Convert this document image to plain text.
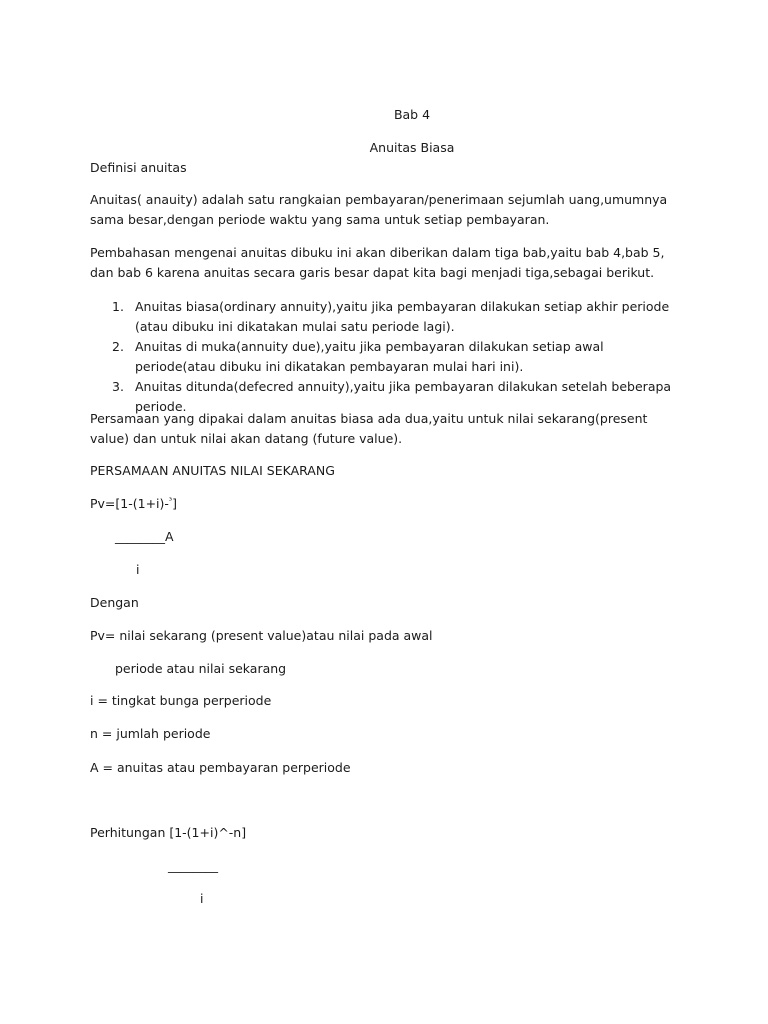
Bab 4

Anuitas Biasa

Definisi anuitas

Anuitas( anauity) adalah satu rangkaian pembayaran/penerimaan sejumlah uang,umumnya sama besar,dengan periode waktu yang sama untuk setiap pembayaran.

Pembahasan mengenai anuitas dibuku ini akan diberikan dalam tiga bab,yaitu bab 4,bab 5, dan bab 6 karena anuitas secara garis besar dapat kita bagi menjadi tiga,sebagai berikut.

1. Anuitas biasa(ordinary annuity),yaitu jika pembayaran dilakukan setiap akhir periode (atau dibuku ini dikatakan mulai satu periode lagi).
2. Anuitas di muka(annuity due),yaitu jika pembayaran dilakukan setiap awal periode(atau dibuku ini dikatakan pembayaran mulai hari ini).
3. Anuitas ditunda(defecred annuity),yaitu jika pembayaran dilakukan setelah beberapa periode.

Persamaan yang dipakai dalam anuitas biasa ada dua,yaitu untuk nilai sekarang(present value) dan untuk nilai akan datang (future value).

PERSAMAAN ANUITAS NILAI SEKARANG

Pv=[1-(1+i)-$^{^3}$]

________A

i

Dengan

Pv= nilai sekarang (present value)atau nilai pada awal

periode atau nilai sekarang

i = tingkat bunga perperiode

n = jumlah periode

A = anuitas atau pembayaran perperiode

Perhitungan [1-(1+i)^-n]

________

i
